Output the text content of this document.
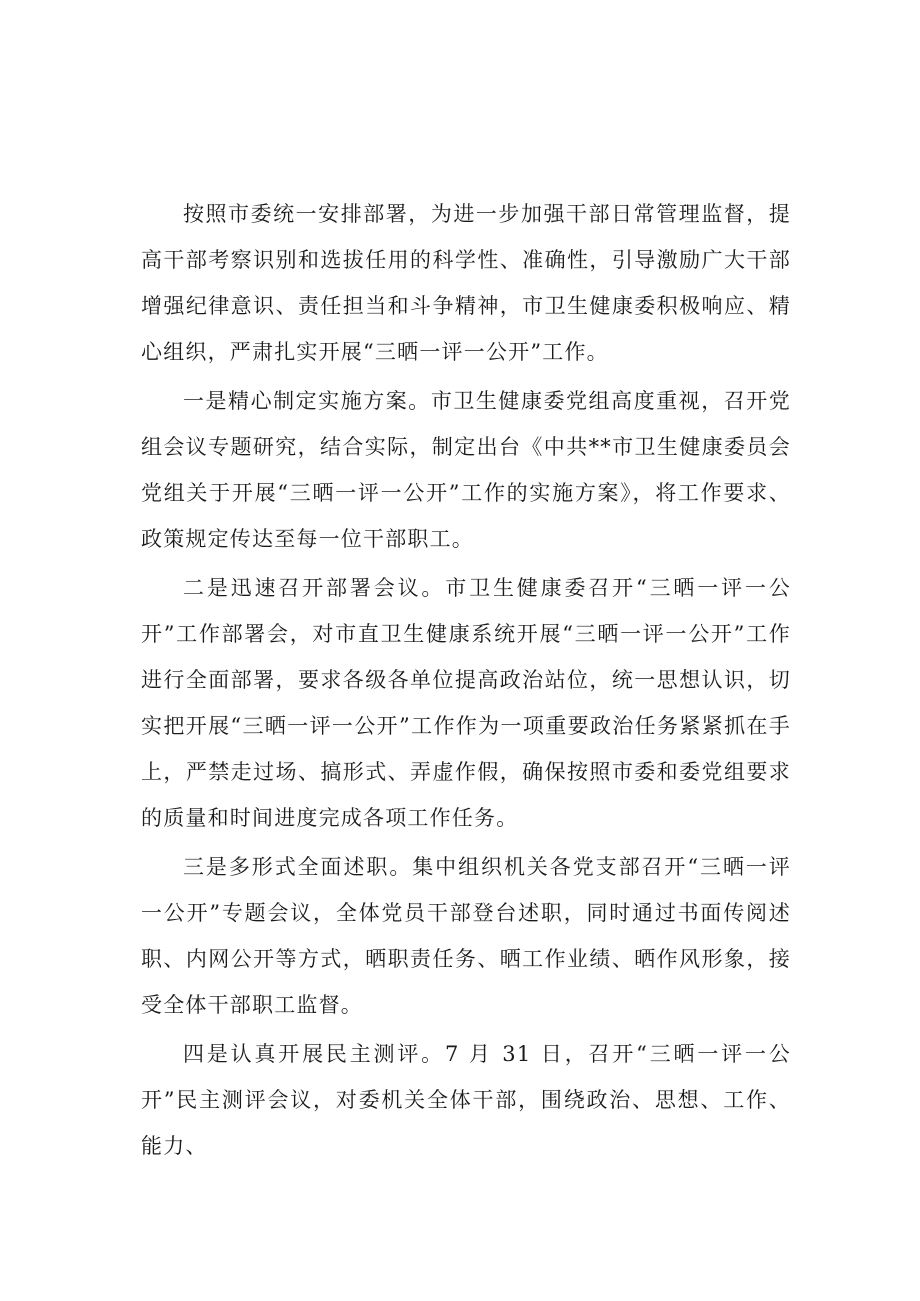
按照市委统一安排部署，为进一步加强干部日常管理监督，提高干部考察识别和选拔任用的科学性、准确性，引导激励广大干部增强纪律意识、责任担当和斗争精神，市卫生健康委积极响应、精心组织，严肃扎实开展“三晒一评一公开”工作。

一是精心制定实施方案。市卫生健康委党组高度重视，召开党组会议专题研究，结合实际，制定出台《中共**市卫生健康委员会党组关于开展“三晒一评一公开”工作的实施方案》，将工作要求、政策规定传达至每一位干部职工。

二是迅速召开部署会议。市卫生健康委召开“三晒一评一公开”工作部署会，对市直卫生健康系统开展“三晒一评一公开”工作进行全面部署，要求各级各单位提高政治站位，统一思想认识，切实把开展“三晒一评一公开”工作作为一项重要政治任务紧紧抓在手上，严禁走过场、搞形式、弄虚作假，确保按照市委和委党组要求的质量和时间进度完成各项工作任务。

三是多形式全面述职。集中组织机关各党支部召开“三晒一评一公开”专题会议，全体党员干部登台述职，同时通过书面传阅述职、内网公开等方式，晒职责任务、晒工作业绩、晒作风形象，接受全体干部职工监督。

四是认真开展民主测评。7 月 31 日，召开“三晒一评一公开”民主测评会议，对委机关全体干部，围绕政治、思想、工作、能力、
